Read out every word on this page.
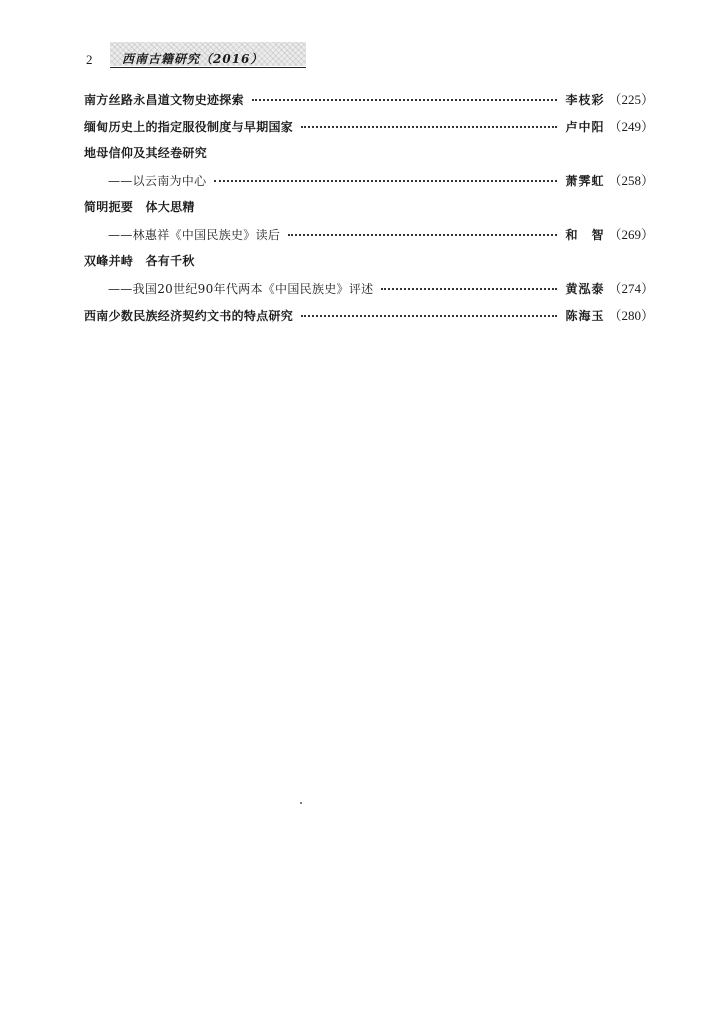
2 西南古籍研究（2016）
南方丝路永昌道文物史迹探索	李枝彩 （225）
缅甸历史上的指定服役制度与早期国家	卢中阳 （249）
地母信仰及其经卷研究
——以云南为中心	萧霁虹 （258）
简明扼要　体大思精
——林惠祥《中国民族史》读后	和　智 （269）
双峰并峙　各有千秋
——我国20世纪90年代两本《中国民族史》评述	黄泓泰 （274）
西南少数民族经济契约文书的特点研究	陈海玉 （280）
